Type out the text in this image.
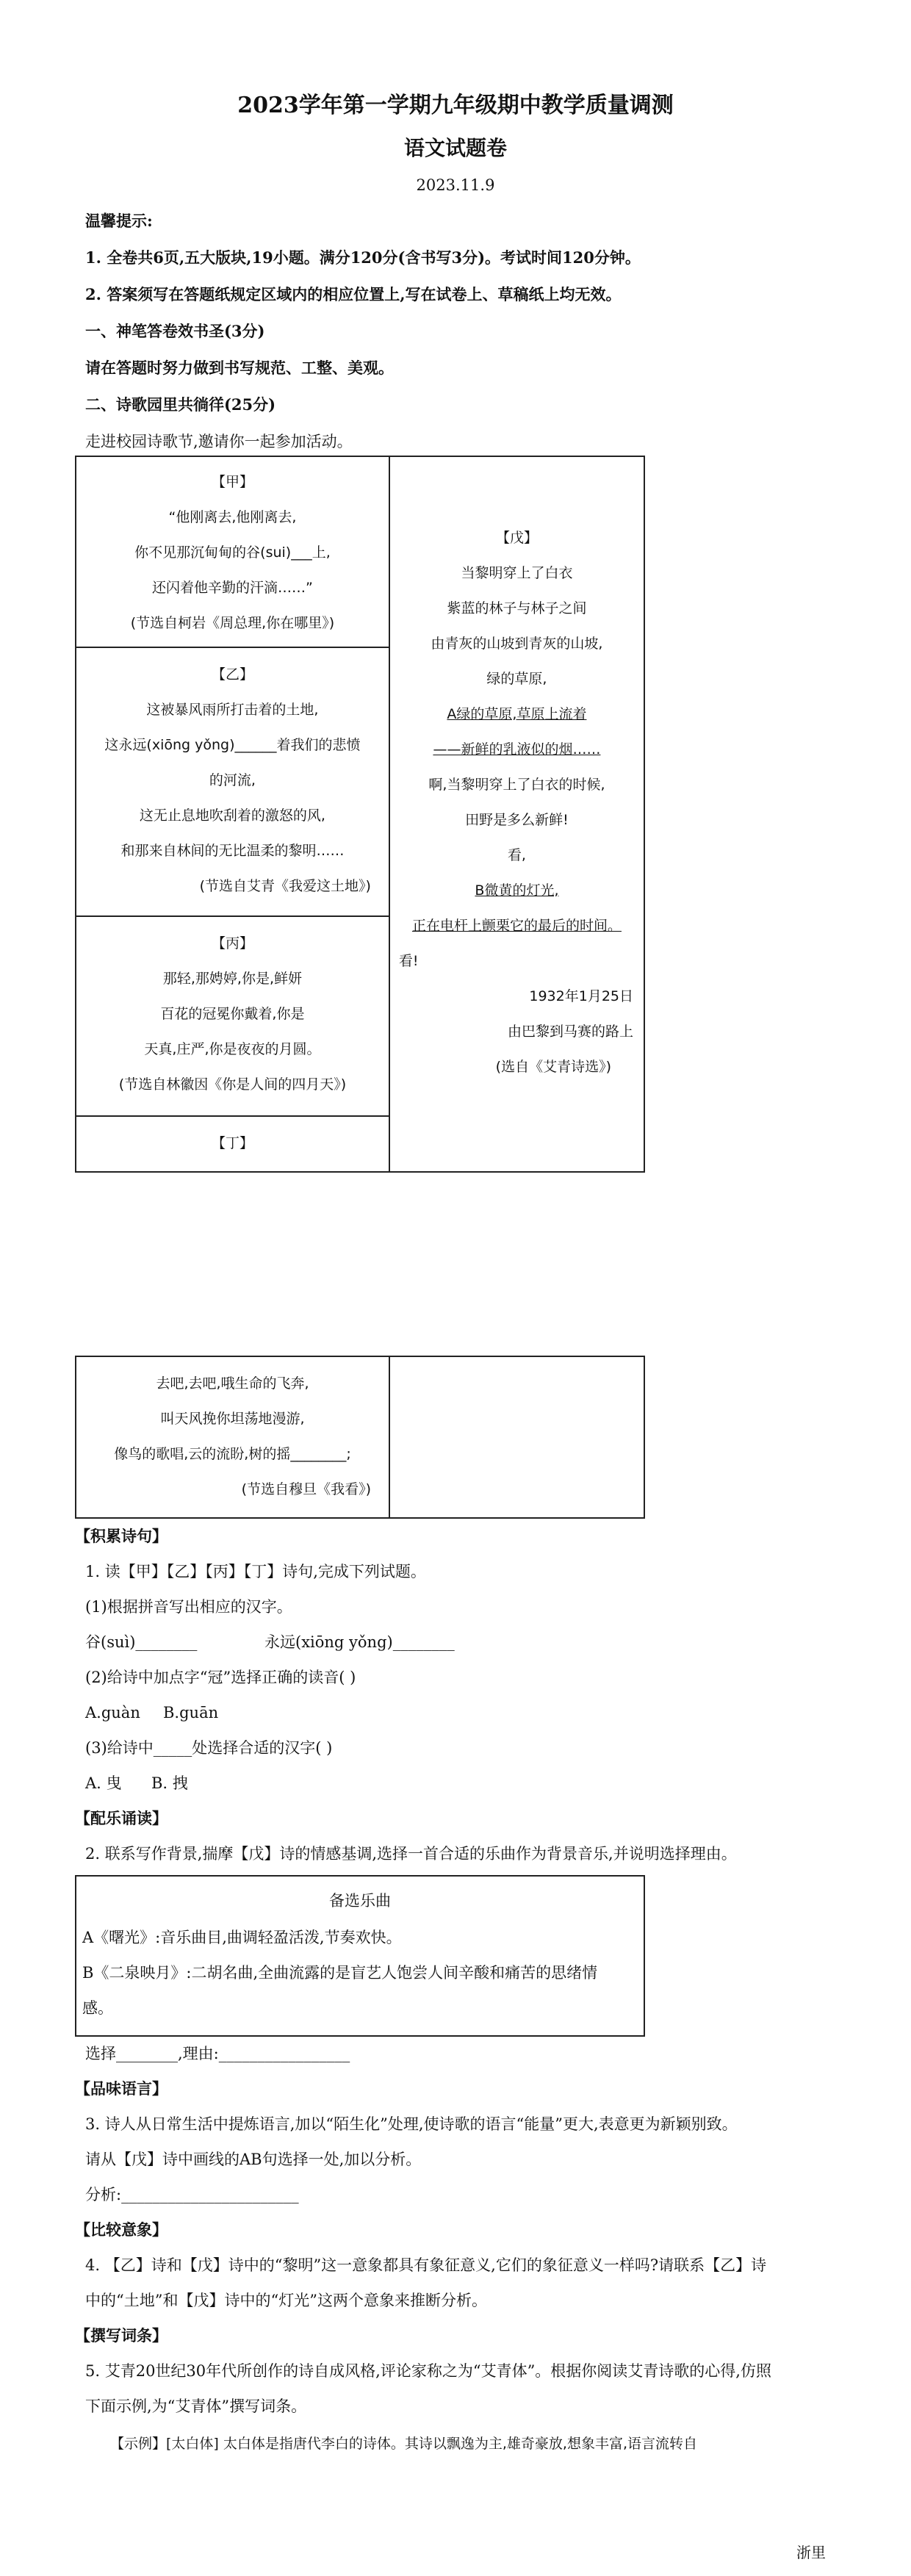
2023学年第一学期九年级期中教学质量调测
语文试题卷
2023.11.9
温馨提示:
1. 全卷共6页,五大版块,19小题。满分120分(含书写3分)。考试时间120分钟。
2. 答案须写在答题纸规定区域内的相应位置上,写在试卷上、草稿纸上均无效。
一、神笔答卷效书圣(3分)
请在答题时努力做到书写规范、工整、美观。
二、诗歌园里共徜徉(25分)
走进校园诗歌节,邀请你一起参加活动。
【甲】
“他刚离去,他刚离去,
你不见那沉甸甸的谷(sui)___上,
还闪着他辛勤的汗滴……”
(节选自柯岩《周总理,你在哪里》)

【戊】
当黎明穿上了白衣
紫蓝的林子与林子之间
由青灰的山坡到青灰的山坡,
绿的草原,
A绿的草原,草原上流着
——新鲜的乳液似的烟……
啊,当黎明穿上了白衣的时候,
田野是多么新鲜!
看,
B微黄的灯光,
正在电杆上颤栗它的最后的时间。
看!
1932年1月25日
由巴黎到马赛的路上
(选自《艾青诗选》)

【乙】
这被暴风雨所打击着的土地,
这永远(xiōng yǒng)______着我们的悲愤
的河流,
这无止息地吹刮着的激怒的风,
和那来自林间的无比温柔的黎明……
(节选自艾青《我爱这土地》)

【丙】
那轻,那娉婷,你是,鲜妍
百花的冠冕你戴着,你是
天真,庄严,你是夜夜的月圆。
(节选自林徽因《你是人间的四月天》)

【丁】
去吧,去吧,哦生命的飞奔,
叫天风挽你坦荡地漫游,
像鸟的歌唱,云的流盼,树的摇________;
(节选自穆旦《我看》)

【积累诗句】
1. 读【甲】【乙】【丙】【丁】诗句,完成下列试题。
(1)根据拼音写出相应的汉字。
谷(suì)________	永远(xiōng yǒng)________
(2)给诗中加点字“冠”选择正确的读音( )
A.guàn B.guān
(3)给诗中_____处选择合适的汉字( )
A. 曳 B. 拽
【配乐诵读】
2. 联系写作背景,揣摩【戊】诗的情感基调,选择一首合适的乐曲作为背景音乐,并说明选择理由。
备选乐曲
A《曙光》:音乐曲目,曲调轻盈活泼,节奏欢快。
B《二泉映月》:二胡名曲,全曲流露的是盲艺人饱尝人间辛酸和痛苦的思绪情
感。
选择________,理由:_________________
【品味语言】
3. 诗人从日常生活中提炼语言,加以“陌生化”处理,使诗歌的语言“能量”更大,表意更为新颖别致。
请从【戊】诗中画线的AB句选择一处,加以分析。
分析:_______________________
【比较意象】
4. 【乙】诗和【戊】诗中的“黎明”这一意象都具有象征意义,它们的象征意义一样吗?请联系【乙】诗
中的“土地”和【戊】诗中的“灯光”这两个意象来推断分析。
【撰写词条】
5. 艾青20世纪30年代所创作的诗自成风格,评论家称之为“艾青体”。根据你阅读艾青诗歌的心得,仿照
下面示例,为“艾青体”撰写词条。
【示例】[太白体] 太白体是指唐代李白的诗体。其诗以飘逸为主,雄奇豪放,想象丰富,语言流转自
浙里
